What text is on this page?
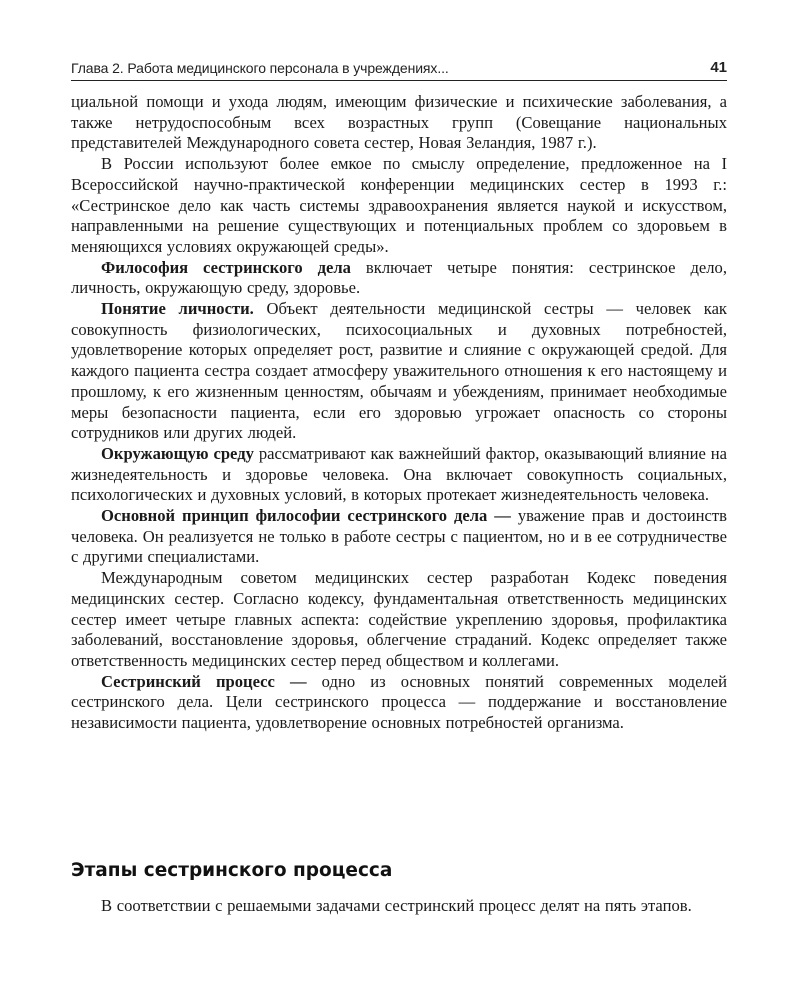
Глава 2. Работа медицинского персонала в учреждениях...	41

циальной помощи и ухода людям, имеющим физические и психические заболевания, а также нетрудоспособным всех возрастных групп (Совещание национальных представителей Международного совета сестер, Новая Зеландия, 1987 г.).

В России используют более емкое по смыслу определение, предложенное на I Всероссийской научно-практической конференции медицинских сестер в 1993 г.: «Сестринское дело как часть системы здравоохранения является наукой и искусством, направленными на решение существующих и потенциальных проблем со здоровьем в меняющихся условиях окружающей среды».

Философия сестринского дела включает четыре понятия: сестринское дело, личность, окружающую среду, здоровье.

Понятие личности. Объект деятельности медицинской сестры — человек как совокупность физиологических, психосоциальных и духовных потребностей, удовлетворение которых определяет рост, развитие и слияние с окружающей средой. Для каждого пациента сестра создает атмосферу уважительного отношения к его настоящему и прошлому, к его жизненным ценностям, обычаям и убеждениям, принимает необходимые меры безопасности пациента, если его здоровью угрожает опасность со стороны сотрудников или других людей.

Окружающую среду рассматривают как важнейший фактор, оказывающий влияние на жизнедеятельность и здоровье человека. Она включает совокупность социальных, психологических и духовных условий, в которых протекает жизнедеятельность человека.

Основной принцип философии сестринского дела — уважение прав и достоинств человека. Он реализуется не только в работе сестры с пациентом, но и в ее сотрудничестве с другими специалистами.

Международным советом медицинских сестер разработан Кодекс поведения медицинских сестер. Согласно кодексу, фундаментальная ответственность медицинских сестер имеет четыре главных аспекта: содействие укреплению здоровья, профилактика заболеваний, восстановление здоровья, облегчение страданий. Кодекс определяет также ответственность медицинских сестер перед обществом и коллегами.

Сестринский процесс — одно из основных понятий современных моделей сестринского дела. Цели сестринского процесса — поддержание и восстановление независимости пациента, удовлетворение основных потребностей организма.

Этапы сестринского процесса

В соответствии с решаемыми задачами сестринский процесс делят на пять этапов.
